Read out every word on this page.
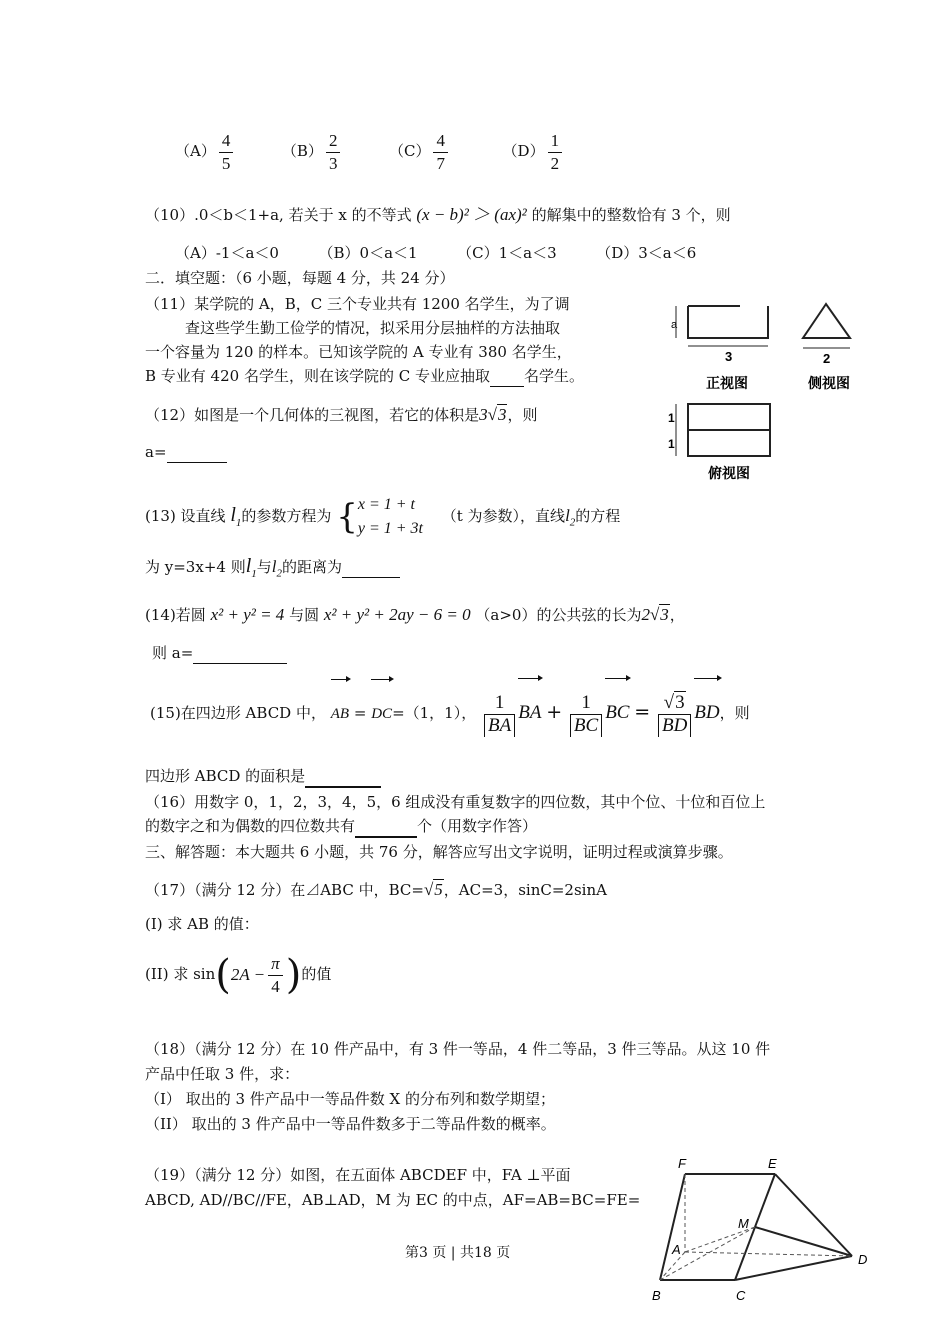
$(A) \frac{4}{5}$	$(B) \frac{2}{3}$	$(C) \frac{4}{7}$	$(D) \frac{1}{2}$
（10）.0＜b＜1+a, 若关于 x 的不等式 (x − b)² ＞ (ax)² 的解集中的整数恰有 3 个，则
（A）-1＜a＜0	（B）0＜a＜1	（C）1＜a＜3	（D）3＜a＜6
二．填空题：（6 小题，每题 4 分，共 24 分）
（11）某学院的 A，B，C 三个专业共有 1200 名学生，为了调
查这些学生勤工俭学的情况，拟采用分层抽样的方法抽取
一个容量为 120 的样本。已知该学院的 A 专业有 380 名学生，
B 专业有 420 名学生，则在该学院的 C 专业应抽取 名学生。
（12）如图是一个几何体的三视图，若它的体积是3√3，则
a=
a
3	2
正视图	侧视图
1
1
俯视图
(13) 设直线 $l_1$的参数方程为 { x = 1 + t
y = 1 + 3t
（t 为参数），直线$l_2$的方程
为 y=3x+4 则$l_1$与$l_2$的距离为
(14)若圆 x² + y² = 4 与圆 x² + y² + 2ay − 6 = 0 （a>0）的公共弦的长为2√3，
则 a=
(15)在四边形 ABCD 中， AB = DC=（1，1）， $\frac{1}{BA}$ BA + $\frac{1}{BC}$ BC = $\frac{√3}{BD}$ BD，则
四边形 ABCD 的面积是
（16）用数字 0，1，2，3，4，5，6 组成没有重复数字的四位数，其中个位、十位和百位上
的数字之和为偶数的四位数共有	个（用数字作答）
三、解答题：本大题共 6 小题，共 76 分，解答应写出文字说明，证明过程或演算步骤。
（17）（满分 12 分）在⊿ABC 中，BC=√5，AC=3，sinC=2sinA
(I) 求 AB 的值：
(II) 求 $\sin(2A - \frac{\pi}{4}$ )的值
（18）（满分 12 分）在 10 件产品中，有 3 件一等品，4 件二等品，3 件三等品。从这 10 件
产品中任取 3 件，求：
（I） 取出的 3 件产品中一等品件数 X 的分布列和数学期望；
（II） 取出的 3 件产品中一等品件数多于二等品件数的概率。
（19）（满分 12 分）如图，在五面体 ABCDEF 中，FA ⊥平面
ABCD, AD//BC//FE，AB⊥AD，M 为 EC 的中点，AF=AB=BC=FE=
F	E
M
A
D
B	C
第3 页 | 共18 页
